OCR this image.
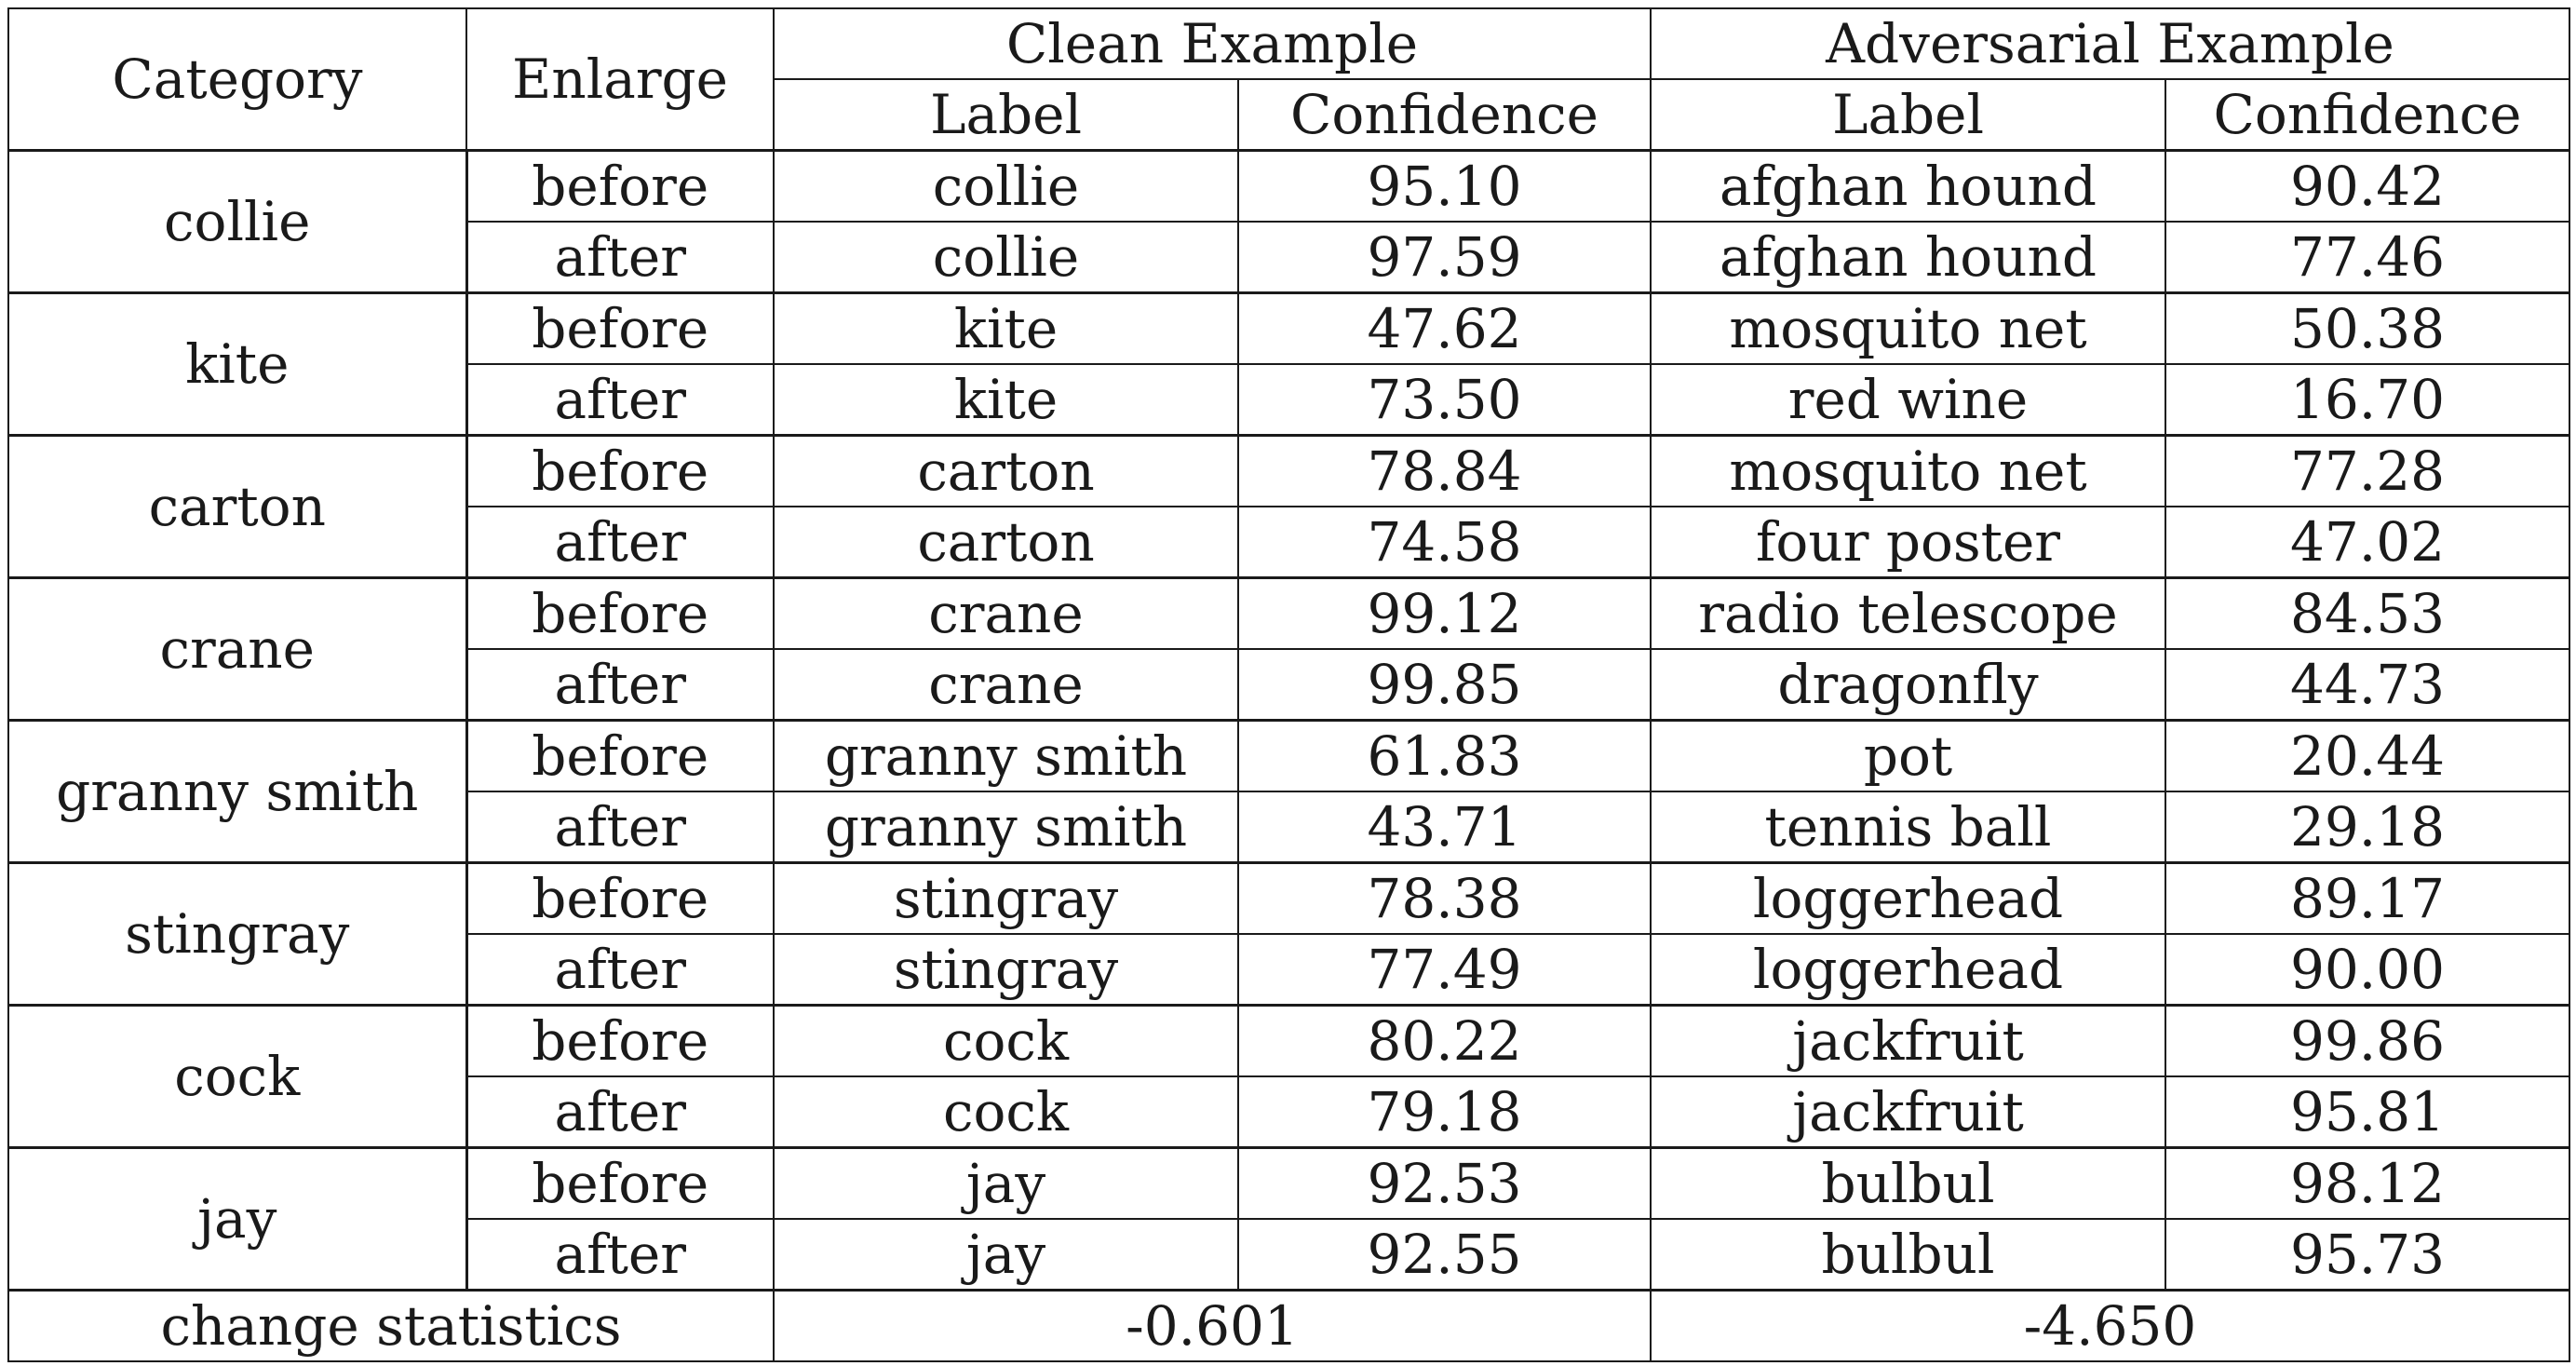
Category	Enlarge	Clean Example		Adversarial Example	
		Label	Confidence	Label	Confidence
collie	before	collie	95.10	afghan hound	90.42
	after	collie	97.59	afghan hound	77.46
kite	before	kite	47.62	mosquito net	50.38
	after	kite	73.50	red wine	16.70
carton	before	carton	78.84	mosquito net	77.28
	after	carton	74.58	four poster	47.02
crane	before	crane	99.12	radio telescope	84.53
	after	crane	99.85	dragonfly	44.73
granny smith	before	granny smith	61.83	pot	20.44
	after	granny smith	43.71	tennis ball	29.18
stingray	before	stingray	78.38	loggerhead	89.17
	after	stingray	77.49	loggerhead	90.00
cock	before	cock	80.22	jackfruit	99.86
	after	cock	79.18	jackfruit	95.81
jay	before	jay	92.53	bulbul	98.12
	after	jay	92.55	bulbul	95.73
change statistics		-0.601		-4.650	
